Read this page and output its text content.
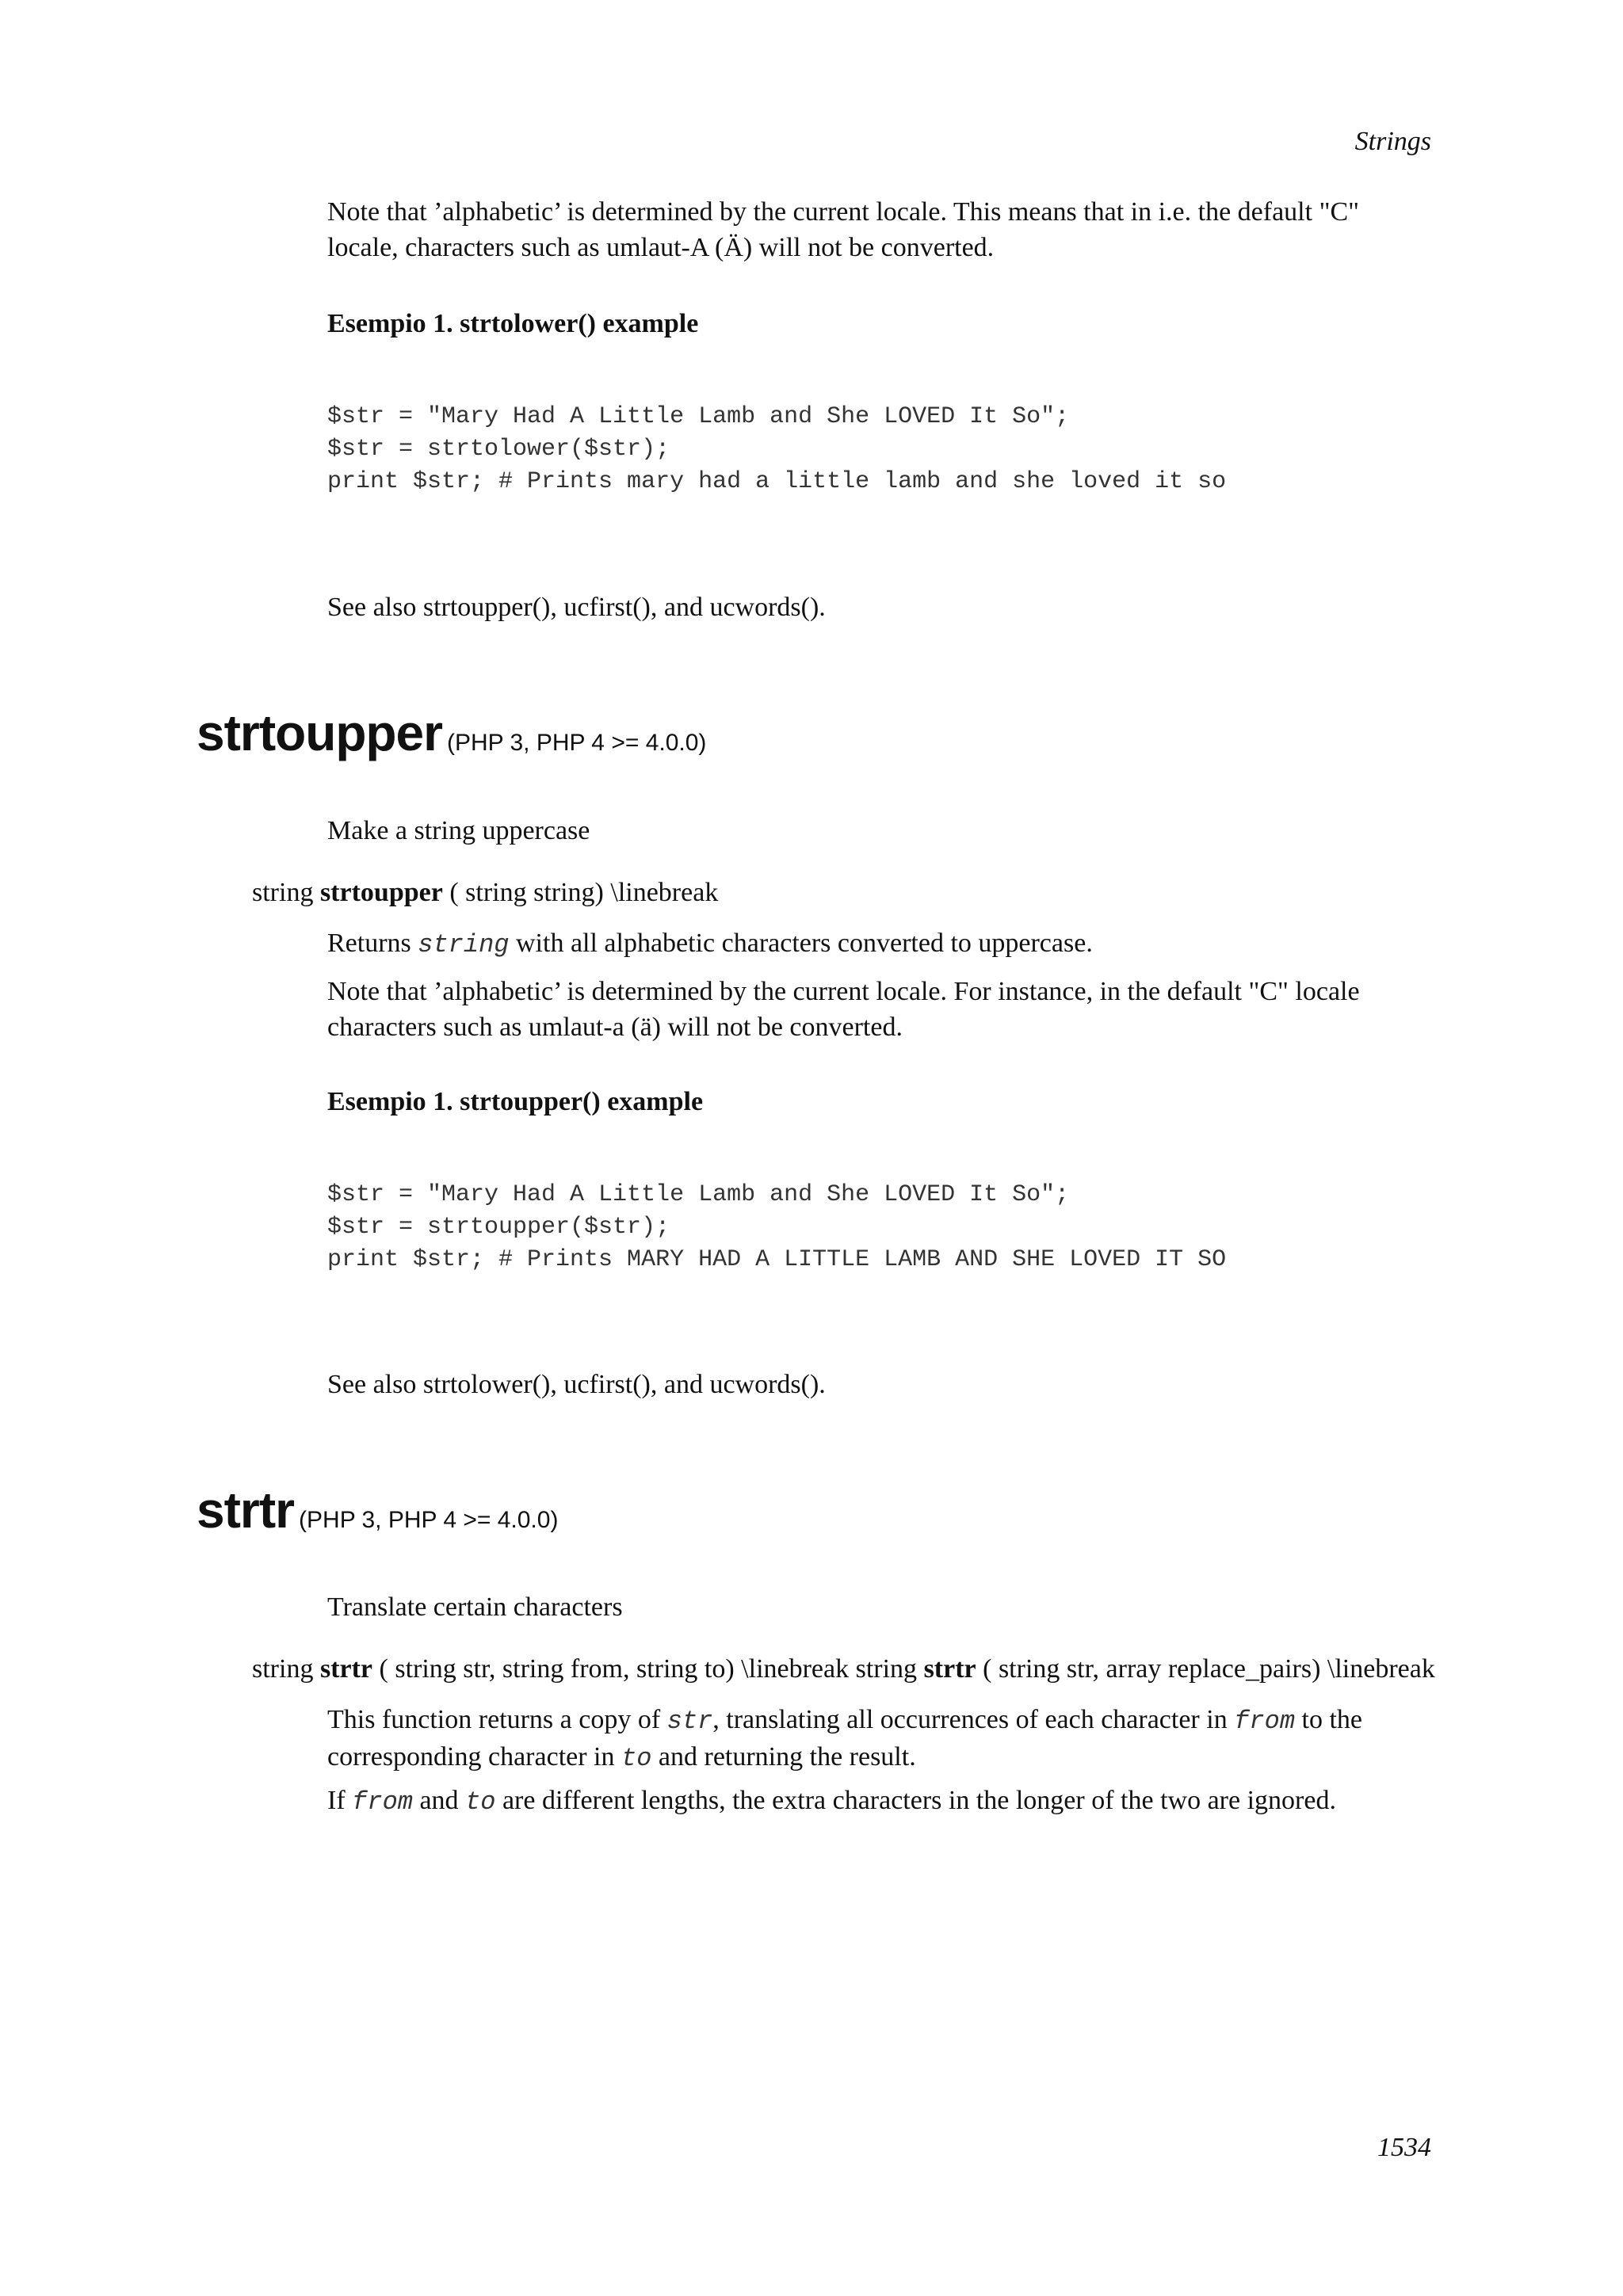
Strings

Note that ’alphabetic’ is determined by the current locale. This means that in i.e. the default "C"
locale, characters such as umlaut-A (Ä) will not be converted.

Esempio 1. strtolower() example
$str = "Mary Had A Little Lamb and She LOVED It So";
$str = strtolower($str);
print $str; # Prints mary had a little lamb and she loved it so

See also strtoupper(), ucfirst(), and ucwords().

strtoupper (PHP 3, PHP 4 >= 4.0.0)

Make a string uppercase

string strtoupper ( string string) \linebreak

Returns string with all alphabetic characters converted to uppercase.

Note that ’alphabetic’ is determined by the current locale. For instance, in the default "C" locale
characters such as umlaut-a (ä) will not be converted.

Esempio 1. strtoupper() example
$str = "Mary Had A Little Lamb and She LOVED It So";
$str = strtoupper($str);
print $str; # Prints MARY HAD A LITTLE LAMB AND SHE LOVED IT SO

See also strtolower(), ucfirst(), and ucwords().

strtr (PHP 3, PHP 4 >= 4.0.0)

Translate certain characters

string strtr ( string str, string from, string to) \linebreak string strtr ( string str, array replace_pairs) \linebreak

This function returns a copy of str, translating all occurrences of each character in from to the
corresponding character in to and returning the result.

If from and to are different lengths, the extra characters in the longer of the two are ignored.

1534
